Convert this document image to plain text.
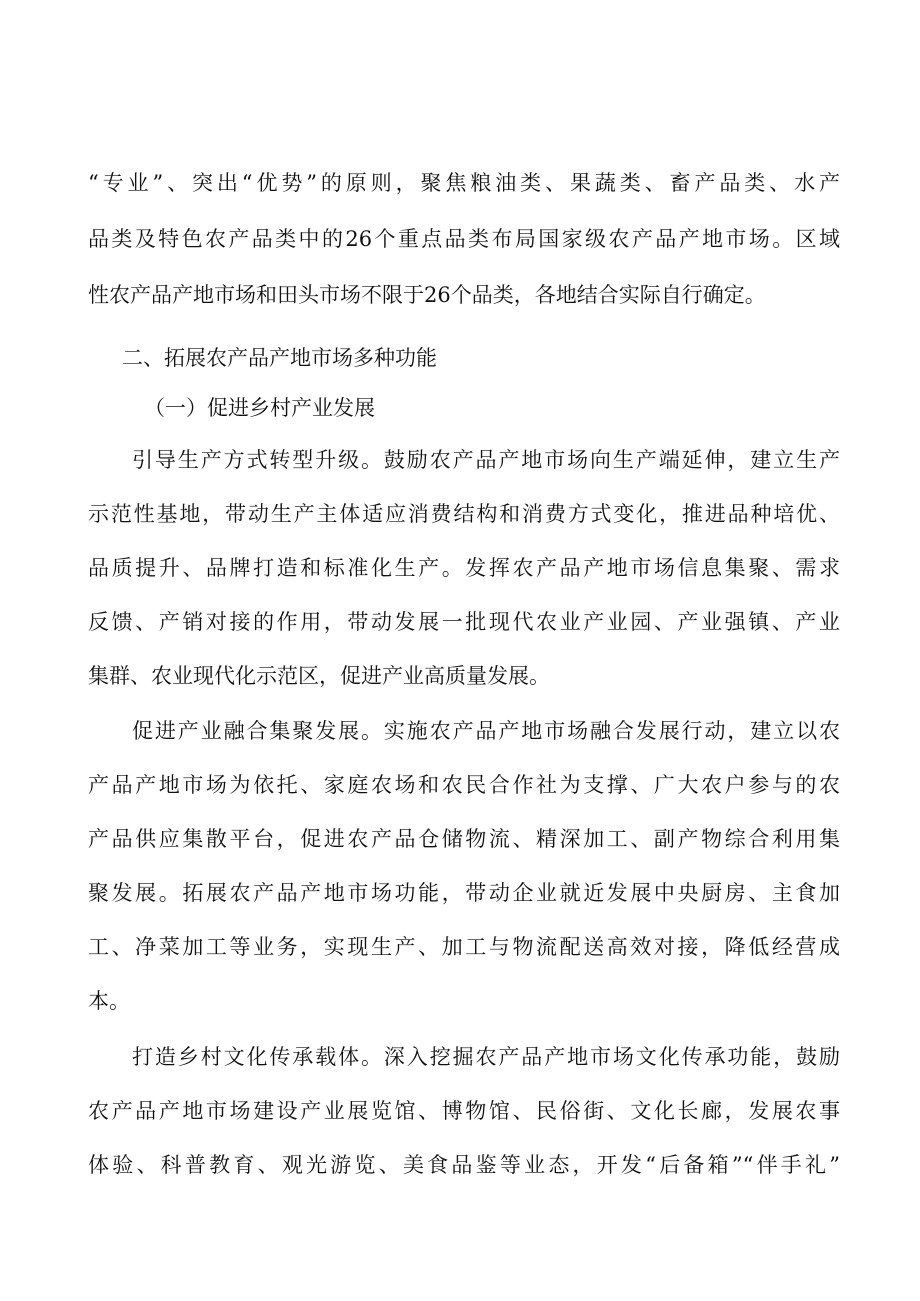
“专业”、突出“优势”的原则，聚焦粮油类、果蔬类、畜产品类、水产
品类及特色农产品类中的26个重点品类布局国家级农产品产地市场。区域
性农产品产地市场和田头市场不限于26个品类，各地结合实际自行确定。
二、拓展农产品产地市场多种功能
（一）促进乡村产业发展
引导生产方式转型升级。鼓励农产品产地市场向生产端延伸，建立生产
示范性基地，带动生产主体适应消费结构和消费方式变化，推进品种培优、
品质提升、品牌打造和标准化生产。发挥农产品产地市场信息集聚、需求
反馈、产销对接的作用，带动发展一批现代农业产业园、产业强镇、产业
集群、农业现代化示范区，促进产业高质量发展。
促进产业融合集聚发展。实施农产品产地市场融合发展行动，建立以农
产品产地市场为依托、家庭农场和农民合作社为支撑、广大农户参与的农
产品供应集散平台，促进农产品仓储物流、精深加工、副产物综合利用集
聚发展。拓展农产品产地市场功能，带动企业就近发展中央厨房、主食加
工、净菜加工等业务，实现生产、加工与物流配送高效对接，降低经营成
本。
打造乡村文化传承载体。深入挖掘农产品产地市场文化传承功能，鼓励
农产品产地市场建设产业展览馆、博物馆、民俗街、文化长廊，发展农事
体验、科普教育、观光游览、美食品鉴等业态，开发“后备箱”“伴手礼”
